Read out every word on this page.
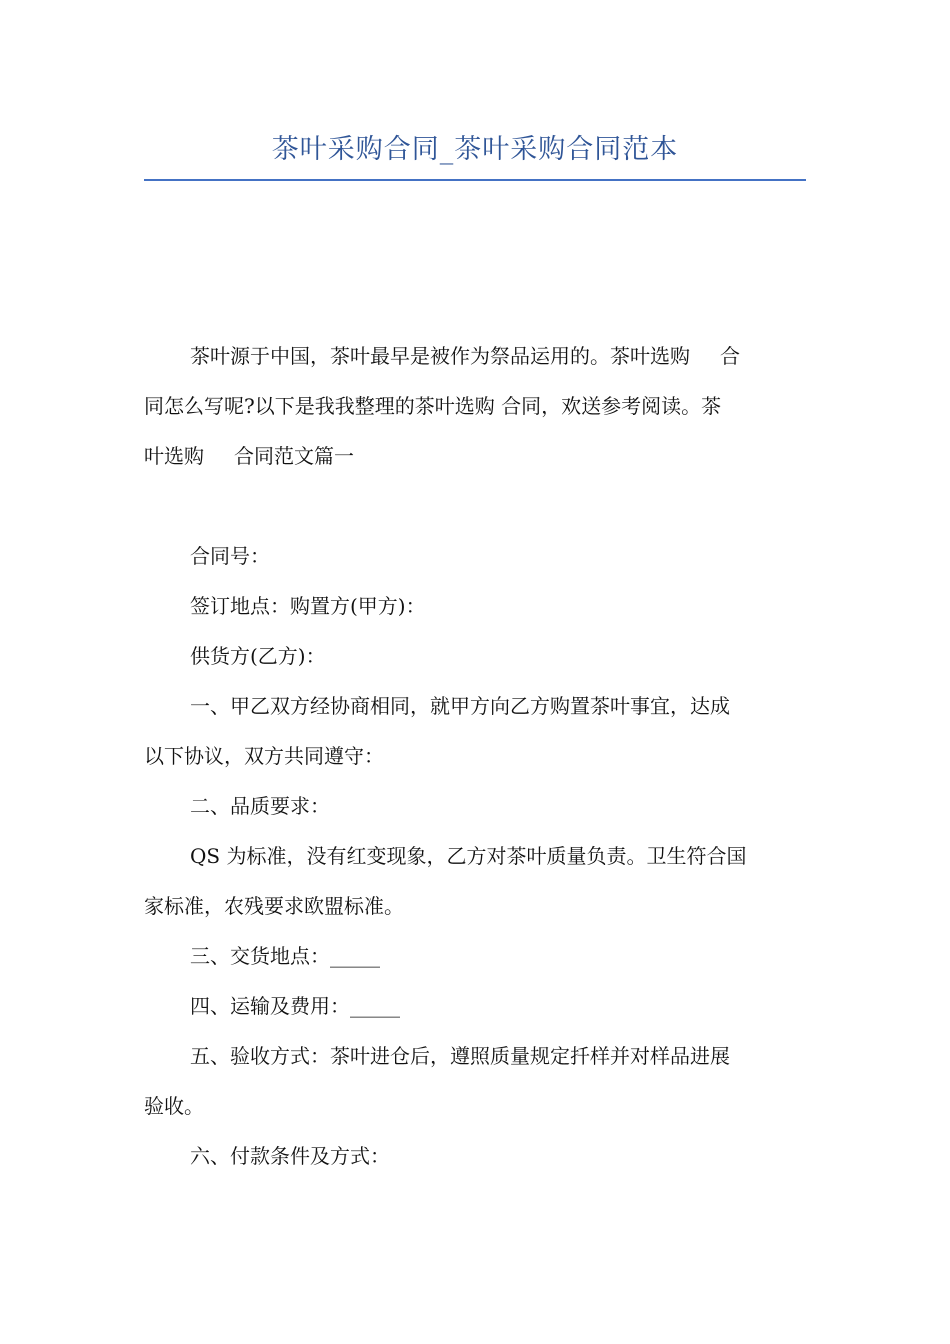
茶叶采购合同_茶叶采购合同范本
茶叶源于中国，茶叶最早是被作为祭品运用的。茶叶选购 合
同怎么写呢?以下是我我整理的茶叶选购 合同，欢送参考阅读。茶
叶选购 合同范文篇一
合同号：
签订地点：购置方(甲方)：
供货方(乙方)：
一、甲乙双方经协商相同，就甲方向乙方购置茶叶事宜，达成
以下协议，双方共同遵守：
二、品质要求：
QS 为标准，没有红变现象，乙方对茶叶质量负责。卫生符合国
家标准，农残要求欧盟标准。
三、交货地点：_____
四、运输及费用：_____
五、验收方式：茶叶进仓后，遵照质量规定扦样并对样品进展
验收。
六、付款条件及方式：
